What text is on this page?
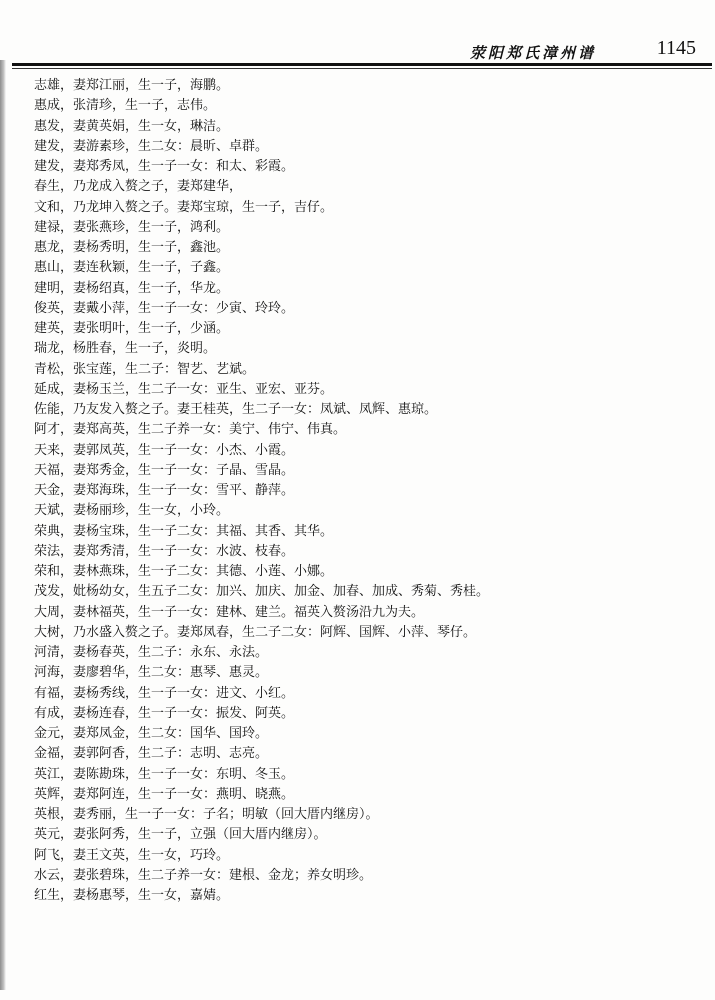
荥阳郑氏漳州谱	1145
志雄，妻郑江丽，生一子，海鹏。
惠成，张清珍，生一子，志伟。
惠发，妻黄英娟，生一女，琳洁。
建发，妻游素珍，生二女：晨昕、卓群。
建发，妻郑秀凤，生一子一女：和太、彩霞。
春生，乃龙成入赘之子，妻郑建华，
文和，乃龙坤入赘之子。妻郑宝琼，生一子，吉仔。
建禄，妻张燕珍，生一子，鸿利。
惠龙，妻杨秀明，生一子，鑫池。
惠山，妻连秋颖，生一子，子鑫。
建明，妻杨绍真，生一子，华龙。
俊英，妻戴小萍，生一子一女：少寅、玲玲。
建英，妻张明叶，生一子，少涵。
瑞龙，杨胜春，生一子，炎明。
青松，张宝莲，生二子：智艺、艺斌。
延成，妻杨玉兰，生二子一女：亚生、亚宏、亚芬。
佐能，乃友发入赘之子。妻王桂英，生二子一女：凤斌、凤辉、惠琼。
阿才，妻郑高英，生二子养一女：美宁、伟宁、伟真。
天来，妻郭凤英，生一子一女：小杰、小霞。
天福，妻郑秀金，生一子一女：子晶、雪晶。
天金，妻郑海珠，生一子一女：雪平、静萍。
天斌，妻杨丽珍，生一女，小玲。
荣典，妻杨宝珠，生一子二女：其福、其香、其华。
荣法，妻郑秀清，生一子一女：水波、枝春。
荣和，妻林燕珠，生一子二女：其德、小莲、小娜。
茂发，妣杨幼女，生五子二女：加兴、加庆、加金、加春、加成、秀菊、秀桂。
大周，妻林福英，生一子一女：建林、建兰。福英入赘汤沿九为夫。
大树，乃水盛入赘之子。妻郑凤春，生二子二女：阿辉、国辉、小萍、琴仔。
河清，妻杨春英，生二子：永东、永法。
河海，妻廖碧华，生二女：惠琴、惠灵。
有福，妻杨秀线，生一子一女：进文、小红。
有成，妻杨连春，生一子一女：振发、阿英。
金元，妻郑凤金，生二女：国华、国玲。
金福，妻郭阿香，生二子：志明、志亮。
英江，妻陈勘珠，生一子一女：东明、冬玉。
英辉，妻郑阿连，生一子一女：燕明、晓燕。
英根，妻秀丽，生一子一女：子名；明敏（回大厝内继房）。
英元，妻张阿秀，生一子，立强（回大厝内继房）。
阿飞，妻王文英，生一女，巧玲。
水云，妻张碧珠，生二子养一女：建根、金龙；养女明珍。
红生，妻杨惠琴，生一女，嘉婧。
